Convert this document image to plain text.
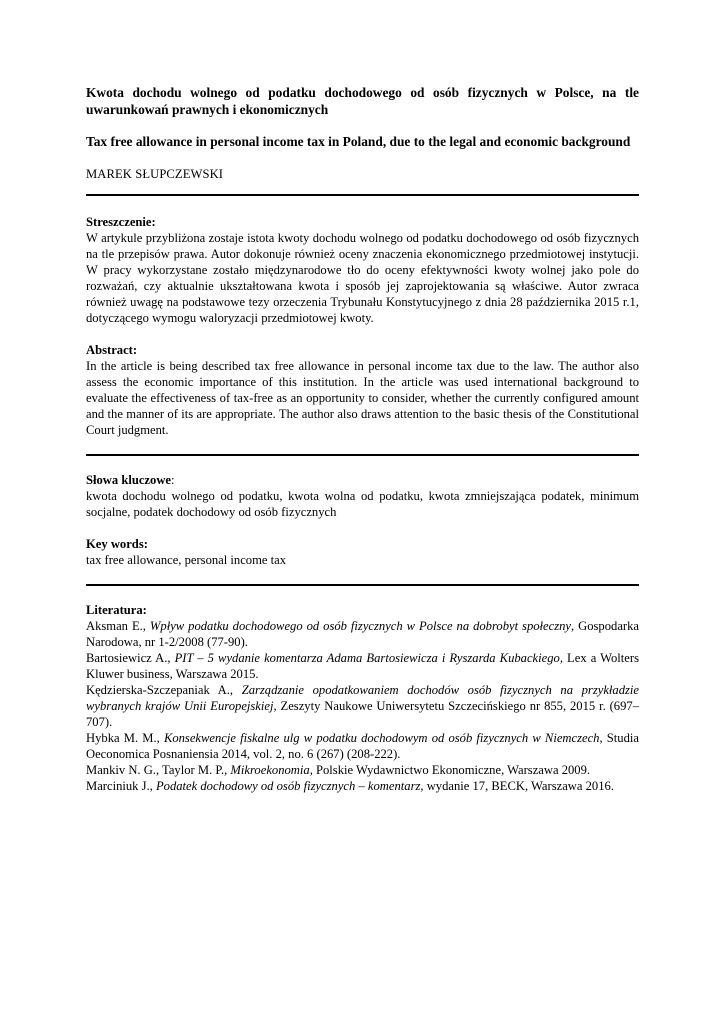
Kwota dochodu wolnego od podatku dochodowego od osób fizycznych w Polsce, na tle uwarunkowań prawnych i ekonomicznych

Tax free allowance in personal income tax in Poland, due to the legal and economic background

MAREK SŁUPCZEWSKI

Streszczenie:

W artykule przybliżona zostaje istota kwoty dochodu wolnego od podatku dochodowego od osób fizycznych na tle przepisów prawa. Autor dokonuje również oceny znaczenia ekonomicznego przedmiotowej instytucji. W pracy wykorzystane zostało międzynarodowe tło do oceny efektywności kwoty wolnej jako pole do rozważań, czy aktualnie ukształtowana kwota i sposób jej zaprojektowania są właściwe. Autor zwraca również uwagę na podstawowe tezy orzeczenia Trybunału Konstytucyjnego z dnia 28 października 2015 r.1, dotyczącego wymogu waloryzacji przedmiotowej kwoty.

Abstract:

In the article is being described tax free allowance in personal income tax due to the law. The author also assess the economic importance of this institution. In the article was used international background to evaluate the effectiveness of tax-free as an opportunity to consider, whether the currently configured amount and the manner of its are appropriate. The author also draws attention to the basic thesis of the Constitutional Court judgment.

Słowa kluczowe:

kwota dochodu wolnego od podatku, kwota wolna od podatku, kwota zmniejszająca podatek, minimum socjalne, podatek dochodowy od osób fizycznych

Key words:

tax free allowance, personal income tax

Literatura:

Aksman E., Wpływ podatku dochodowego od osób fizycznych w Polsce na dobrobyt społeczny, Gospodarka Narodowa, nr 1-2/2008 (77-90).

Bartosiewicz A., PIT – 5 wydanie komentarza Adama Bartosiewicza i Ryszarda Kubackiego, Lex a Wolters Kluwer business, Warszawa 2015.

Kędzierska-Szczepaniak A., Zarządzanie opodatkowaniem dochodów osób fizycznych na przykładzie wybranych krajów Unii Europejskiej, Zeszyty Naukowe Uniwersytetu Szczecińskiego nr 855, 2015 r. (697–707).

Hybka M. M., Konsekwencje fiskalne ulg w podatku dochodowym od osób fizycznych w Niemczech, Studia Oeconomica Posnaniensia 2014, vol. 2, no. 6 (267) (208-222).

Mankiv N. G., Taylor M. P., Mikroekonomia, Polskie Wydawnictwo Ekonomiczne, Warszawa 2009.

Marciniuk J., Podatek dochodowy od osób fizycznych – komentarz, wydanie 17, BECK, Warszawa 2016.
